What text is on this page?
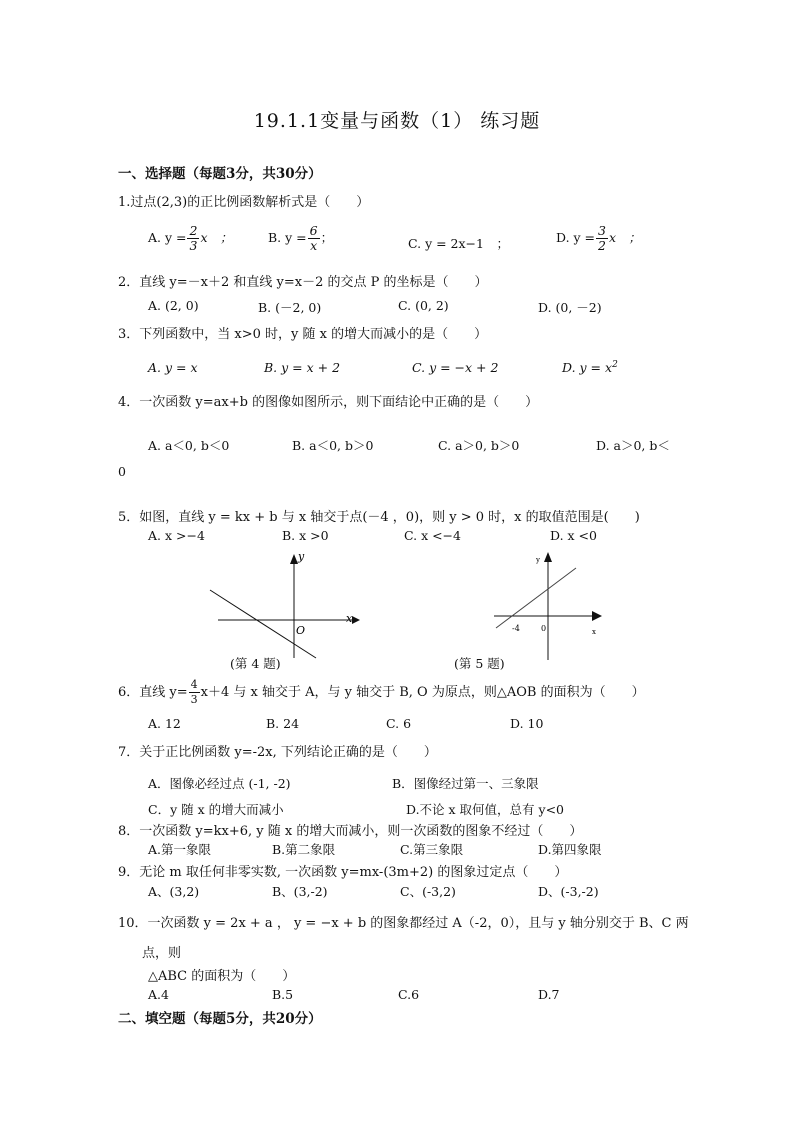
19.1.1变量与函数（1） 练习题
一、选择题（每题3分，共30分）
1.过点(2,3)的正比例函数解析式是（　　）
A. $y = \frac{2}{3}$ x　；	B. $y = \frac{6}{x}$ ；	C. y = 2x−1　；	D. $y = \frac{3}{2}$ x　；
2．直线 y=－x＋2 和直线 y=x－2 的交点 P 的坐标是（　　）
A. (2, 0)	B. (－2, 0)	C. (0, 2)	D. (0, －2)
3．下列函数中，当 x>0 时，y 随 x 的增大而减小的是（　　）
A. y = x	B. y = x + 2	C. y = −x + 2	D. $y = x^2$
4．一次函数 y=ax+b 的图像如图所示，则下面结论中正确的是（　　）
A. a＜0, b＜0	B. a＜0, b＞0	C. a＞0, b＞0	D. a＞0, b＜
0
5．如图，直线 y = kx + b 与 x 轴交于点(－4 ，0)，则 y > 0 时，x 的取值范围是(　　)
A. x >−4	B. x >0	C. x <−4	D. x <0
x
y
O
(第 4 题)
x
y
-4	0
(第 5 题)
6．直线 $y= \frac{4}{3} x+4$ 与 x 轴交于 A，与 y 轴交于 B, O 为原点，则△AOB 的面积为（　　）
A. 12	B. 24	C. 6	D. 10
7．关于正比例函数 y=-2x, 下列结论正确的是（　　）
A．图像必经过点 (-1, -2)	B．图像经过第一、三象限
C．y 随 x 的增大而减小	D.不论 x 取何值，总有 y<0
8．一次函数 y=kx+6, y 随 x 的增大而减小，则一次函数的图象不经过（　　）
A.第一象限	B.第二象限	C.第三象限	D.第四象限
9．无论 m 取任何非零实数, 一次函数 y=mx-(3m+2) 的图象过定点（　　）
A、(3,2)	B、(3,-2)	C、(-3,2)	D、(-3,-2)
10．一次函数 y = 2x + a ， y = −x + b 的图象都经过 A（-2，0），且与 y 轴分别交于 B、C 两
点，则
△ABC 的面积为（　　）
A.4	B.5	C.6	D.7
二、填空题（每题5分，共20分）
